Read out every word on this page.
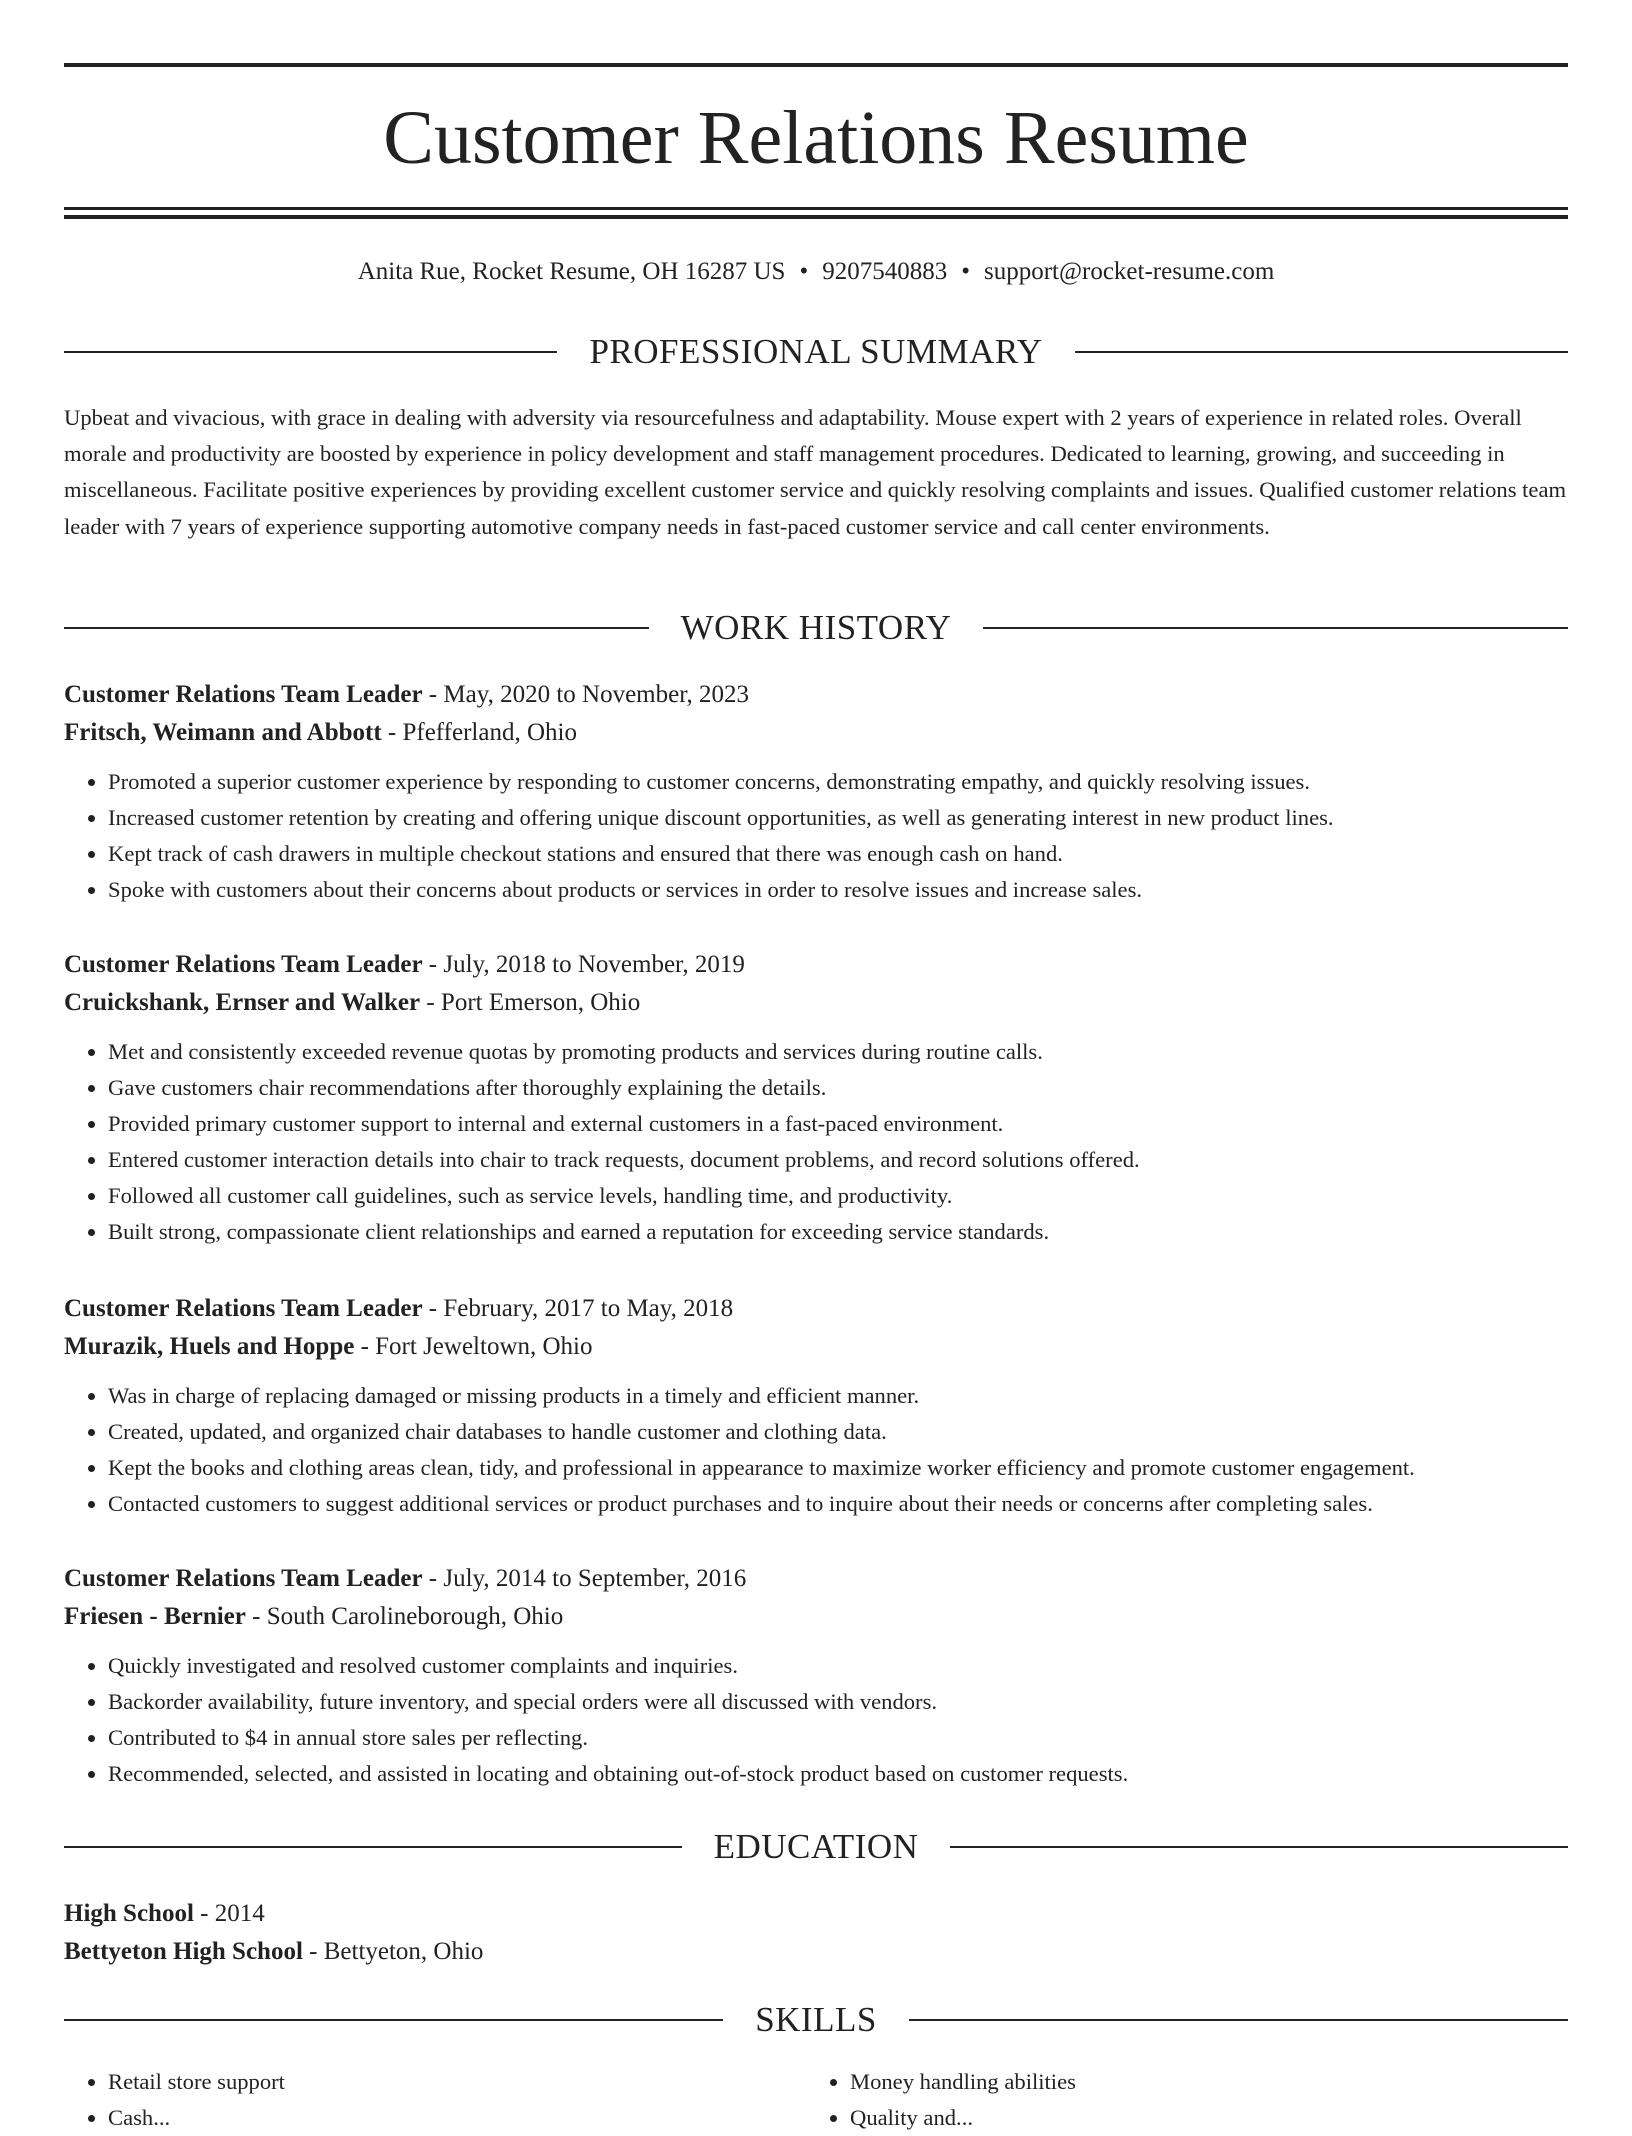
Customer Relations Resume
Anita Rue, Rocket Resume, OH 16287 US • 9207540883 • support@rocket-resume.com
PROFESSIONAL SUMMARY

Upbeat and vivacious, with grace in dealing with adversity via resourcefulness and adaptability. Mouse expert with 2 years of experience in related roles. Overall morale and productivity are boosted by experience in policy development and staff management procedures. Dedicated to learning, growing, and succeeding in miscellaneous. Facilitate positive experiences by providing excellent customer service and quickly resolving complaints and issues. Qualified customer relations team leader with 7 years of experience supporting automotive company needs in fast-paced customer service and call center environments.

WORK HISTORY
Customer Relations Team Leader - May, 2020 to November, 2023
Fritsch, Weimann and Abbott - Pfefferland, Ohio
• Promoted a superior customer experience by responding to customer concerns, demonstrating empathy, and quickly resolving issues.
• Increased customer retention by creating and offering unique discount opportunities, as well as generating interest in new product lines.
• Kept track of cash drawers in multiple checkout stations and ensured that there was enough cash on hand.
• Spoke with customers about their concerns about products or services in order to resolve issues and increase sales.
Customer Relations Team Leader - July, 2018 to November, 2019
Cruickshank, Ernser and Walker - Port Emerson, Ohio
• Met and consistently exceeded revenue quotas by promoting products and services during routine calls.
• Gave customers chair recommendations after thoroughly explaining the details.
• Provided primary customer support to internal and external customers in a fast-paced environment.
• Entered customer interaction details into chair to track requests, document problems, and record solutions offered.
• Followed all customer call guidelines, such as service levels, handling time, and productivity.
• Built strong, compassionate client relationships and earned a reputation for exceeding service standards.
Customer Relations Team Leader - February, 2017 to May, 2018
Murazik, Huels and Hoppe - Fort Jeweltown, Ohio
• Was in charge of replacing damaged or missing products in a timely and efficient manner.
• Created, updated, and organized chair databases to handle customer and clothing data.
• Kept the books and clothing areas clean, tidy, and professional in appearance to maximize worker efficiency and promote customer engagement.
• Contacted customers to suggest additional services or product purchases and to inquire about their needs or concerns after completing sales.
Customer Relations Team Leader - July, 2014 to September, 2016
Friesen - Bernier - South Carolineborough, Ohio
• Quickly investigated and resolved customer complaints and inquiries.
• Backorder availability, future inventory, and special orders were all discussed with vendors.
• Contributed to $4 in annual store sales per reflecting.
• Recommended, selected, and assisted in locating and obtaining out-of-stock product based on customer requests.
EDUCATION
High School - 2014
Bettyeton High School - Bettyeton, Ohio
SKILLS
• Retail store support
• Cash...
• Money handling abilities
• Quality and...
